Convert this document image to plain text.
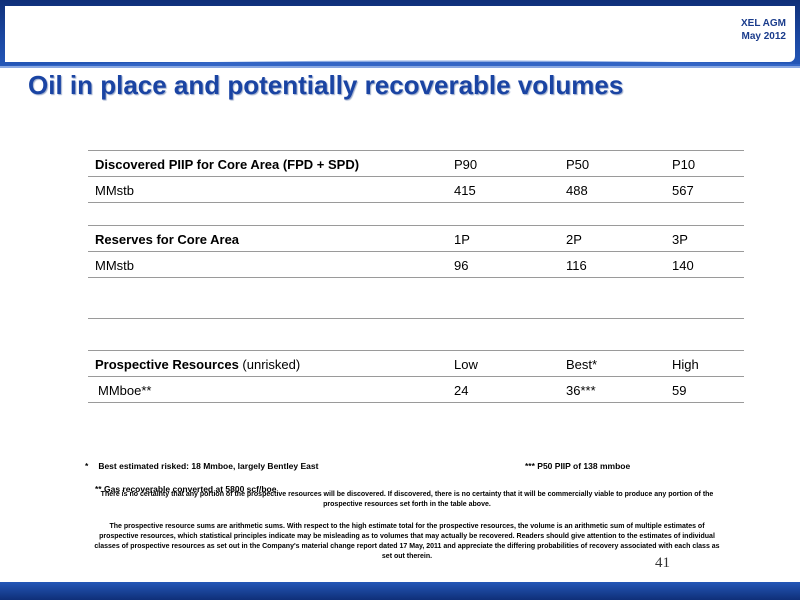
XEL AGM
May 2012
Oil in place and potentially recoverable volumes
Discovered PIIP for Core Area (FPD + SPD)	P90	P50	P10
MMstb	415	488	567
Reserves for Core Area	1P	2P	3P
MMstb	96	116	140
Prospective Resources (unrisked)	Low	Best*	High
MMboe**	24	36***	59
* Best estimated risked: 18 Mmboe, largely Bentley East	*** P50 PIIP of 138 mmboe
** Gas recoverable converted at 5800 scf/boe
There is no certainty that any portion of the prospective resources will be discovered. If discovered, there is no certainty that it will be commercially viable to produce any portion of the prospective resources set forth in the table above.
The prospective resource sums are arithmetic sums. With respect to the high estimate total for the prospective resources, the volume is an arithmetic sum of multiple estimates of prospective resources, which statistical principles indicate may be misleading as to volumes that may actually be recovered. Readers should give attention to the estimates of individual classes of prospective resources as set out in the Company's material change report dated 17 May, 2011 and appreciate the differing probabilities of recovery associated with each class as set out therein.	41
